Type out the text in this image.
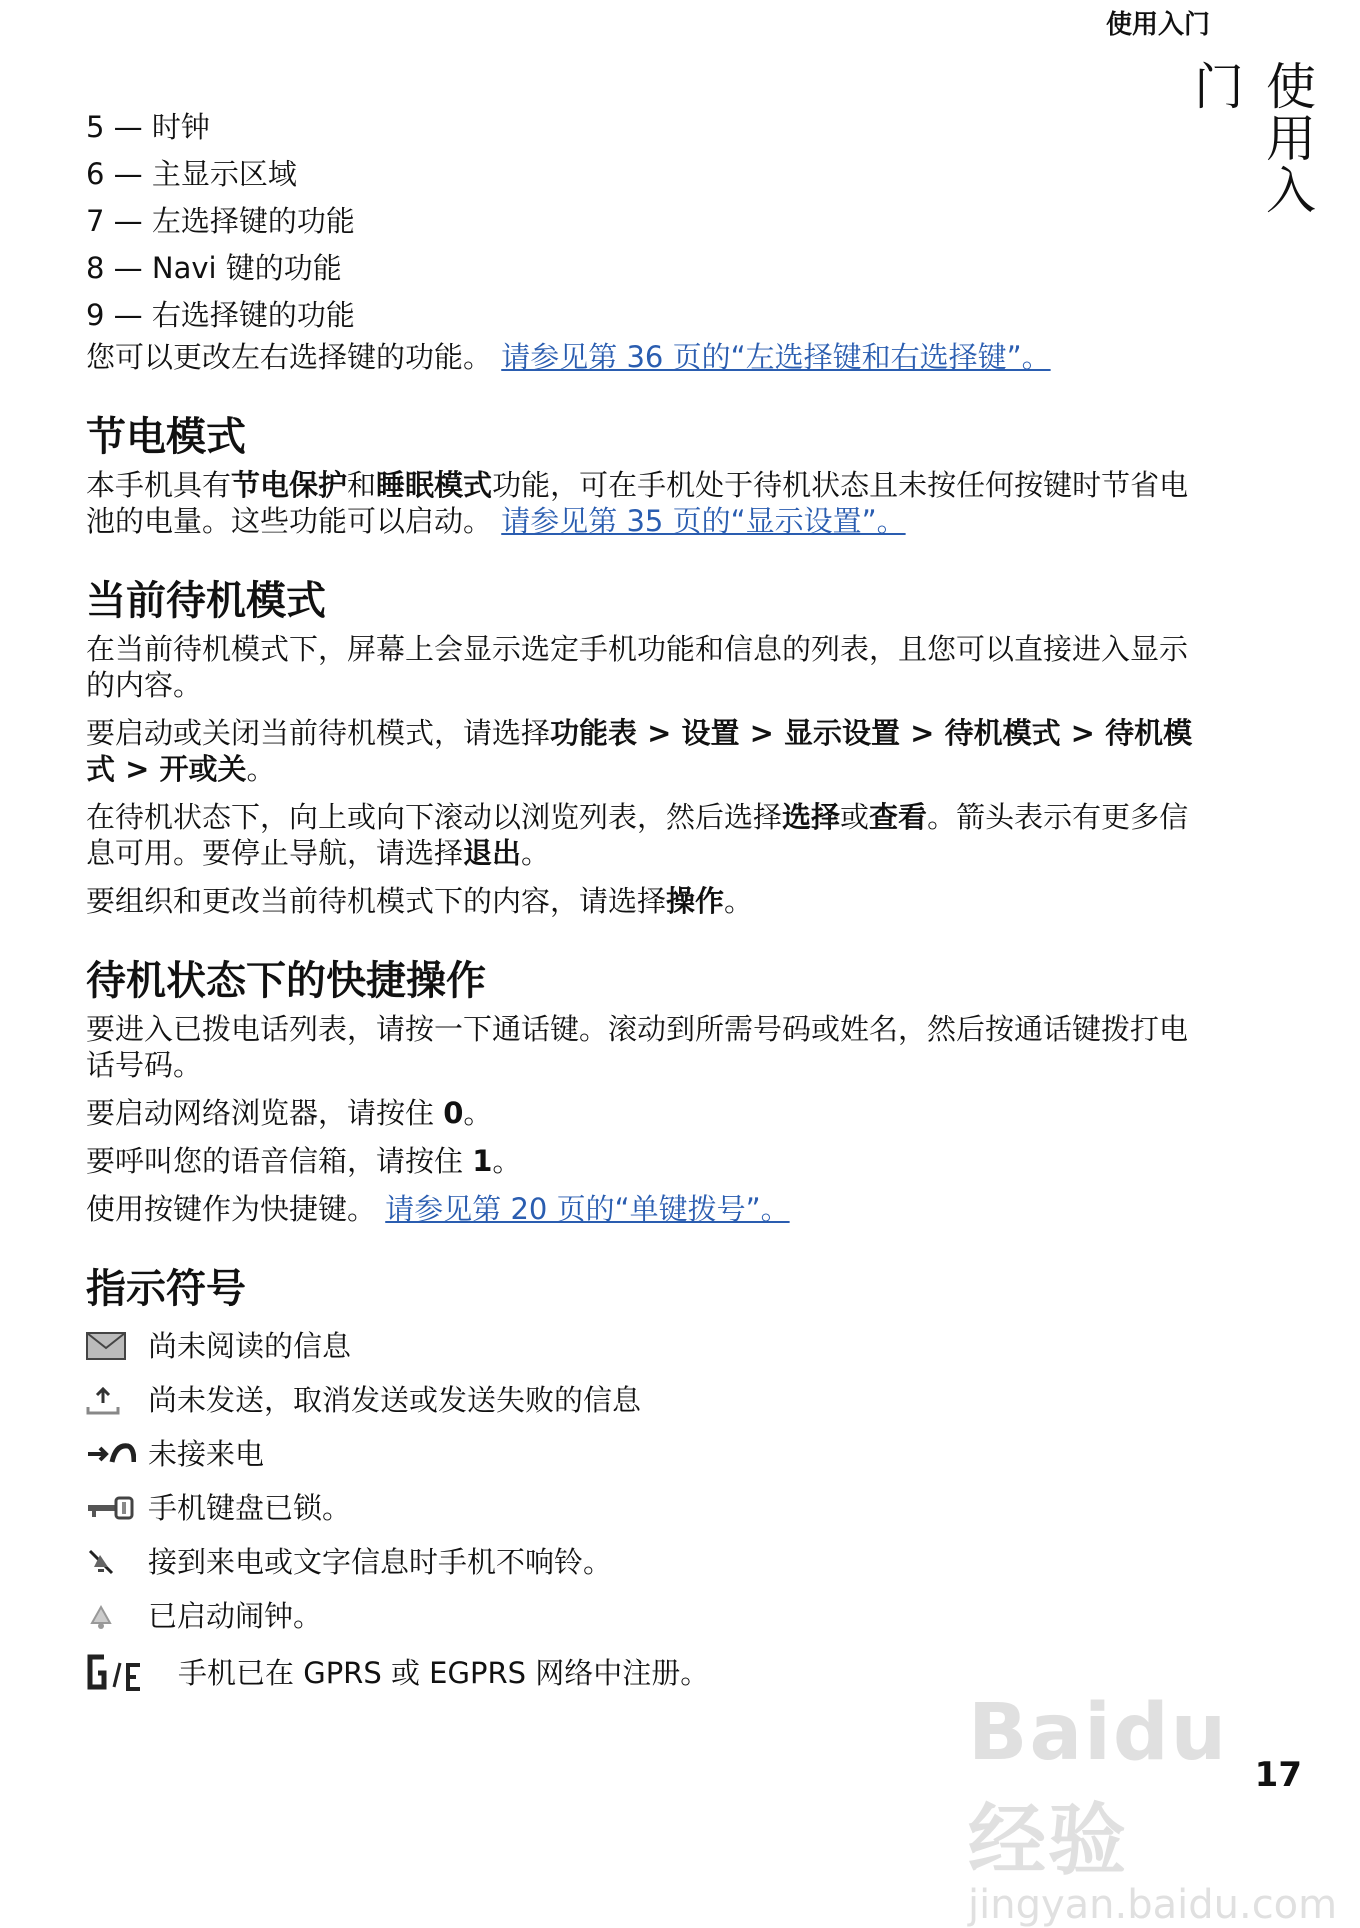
使用入门
使用入门
5 — 时钟
6 — 主显示区域
7 — 左选择键的功能
8 — Navi 键的功能
9 — 右选择键的功能

您可以更改左右选择键的功能。 请参见第 36 页的“左选择键和右选择键”。

节电模式

本手机具有节电保护和睡眠模式功能，可在手机处于待机状态且未按任何按键时节省电池的电量。这些功能可以启动。 请参见第 35 页的“显示设置”。

当前待机模式

在当前待机模式下，屏幕上会显示选定手机功能和信息的列表，且您可以直接进入显示的内容。

要启动或关闭当前待机模式，请选择功能表 > 设置 > 显示设置 > 待机模式 > 待机模式 > 开或关。

在待机状态下，向上或向下滚动以浏览列表，然后选择选择或查看。箭头表示有更多信息可用。要停止导航，请选择退出。

要组织和更改当前待机模式下的内容，请选择操作。

待机状态下的快捷操作

要进入已拨电话列表，请按一下通话键。滚动到所需号码或姓名，然后按通话键拨打电话号码。

要启动网络浏览器，请按住 0。

要呼叫您的语音信箱，请按住 1。

使用按键作为快捷键。 请参见第 20 页的“单键拨号”。

指示符号
尚未阅读的信息
尚未发送，取消发送或发送失败的信息
未接来电
手机键盘已锁。
接到来电或文字信息时手机不响铃。
已启动闹钟。
手机已在 GPRS 或 EGPRS 网络中注册。
Baidu经验
jingyan.baidu.com
17
